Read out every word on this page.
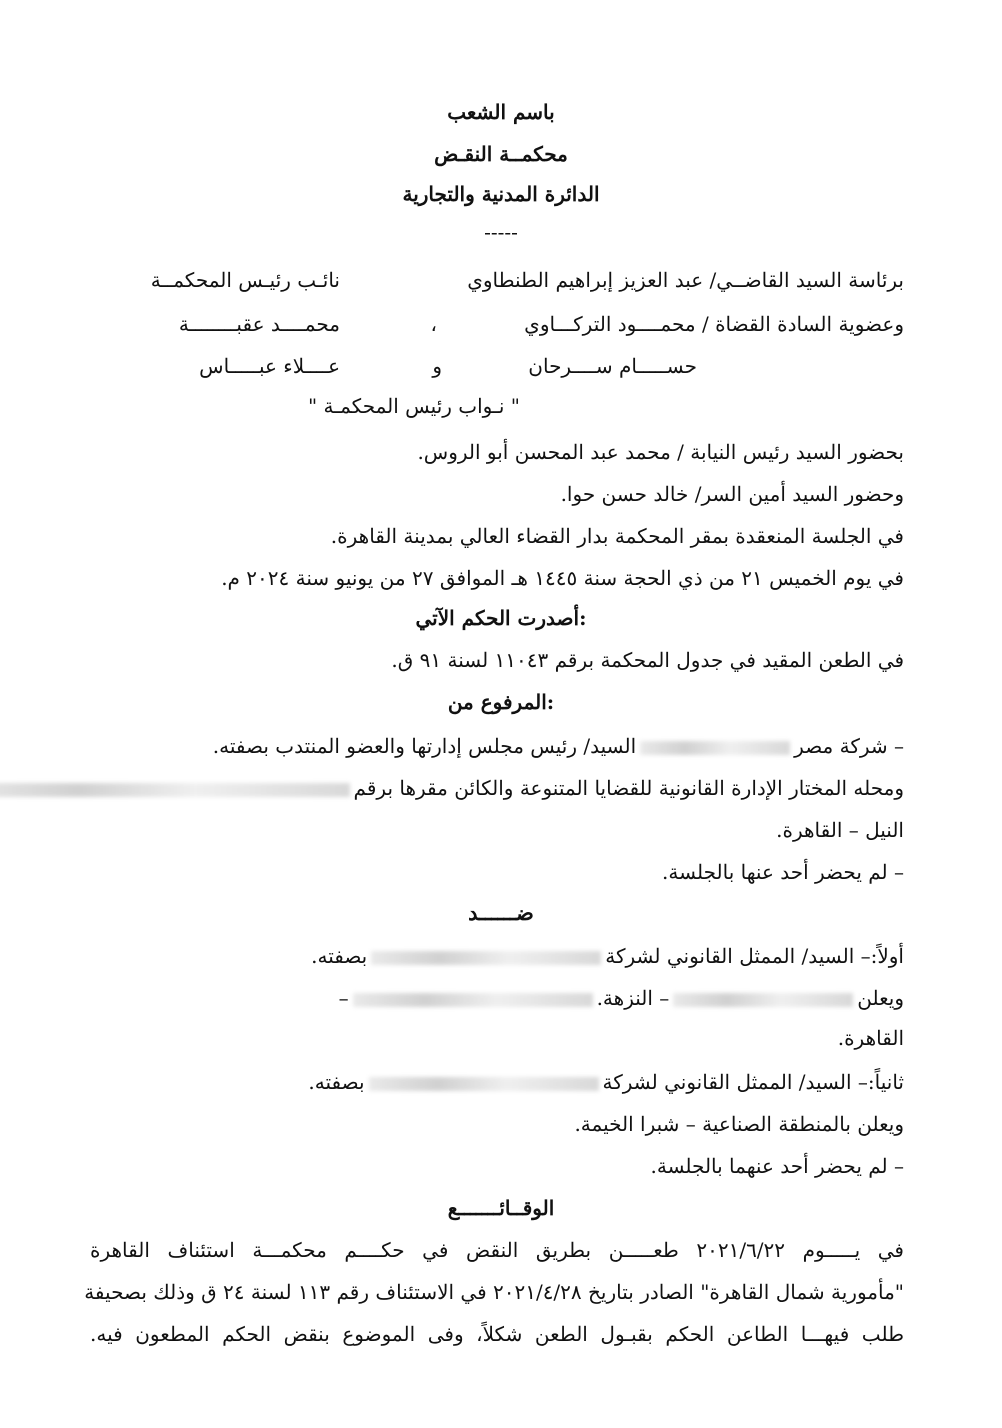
باسم الشعب
محكمــة النقـض
الدائرة المدنية والتجارية
-----
برئاسة السيد القاضــي/ عبد العزيز إبراهيم الطنطاوي
نائـب رئيـس المحكمــة
وعضوية السادة القضاة / محمــــود التركـــاوي
،
محمــــد عقبــــــــة
حســـــام ســــرحان
و
عــــلاء عبـــــاس
" نـواب رئيس المحكمـة "
بحضور السيد رئيس النيابة / محمد عبد المحسن أبو الروس.
وحضور السيد أمين السر/ خالد حسن حوا.
في الجلسة المنعقدة بمقر المحكمة بدار القضاء العالي بمدينة القاهرة.
في يوم الخميس ٢١ من ذي الحجة سنة ١٤٤٥ هـ الموافق ٢٧ من يونيو سنة ٢٠٢٤ م.
أصدرت الحكم الآتي:
في الطعن المقيد في جدول المحكمة برقم ١١٠٤٣ لسنة ٩١ ق.
المرفوع من:
– شركة مصرالسيد/ رئيس مجلس إدارتها والعضو المنتدب بصفته.
ومحله المختار الإدارة القانونية للقضايا المتنوعة والكائن مقرها برقم
النيل – القاهرة.
– لم يحضر أحد عنها بالجلسة.
ضــــــد
أولاً:– السيد/ الممثل القانوني لشركةبصفته.
ويعلن– النزهة.–
القاهرة.
ثانياً:– السيد/ الممثل القانوني لشركةبصفته.
ويعلن بالمنطقة الصناعية – شبرا الخيمة.
– لم يحضر أحد عنهما بالجلسة.
الوقــائـــــــع
في يـــــوم ٢٠٢١/٦/٢٢ طعـــــن بطريق النقض في حكــــم محكمـــة استئناف القاهرة
"مأمورية شمال القاهرة" الصادر بتاريخ ٢٠٢١/٤/٢٨ في الاستئناف رقم ١١٣ لسنة ٢٤ ق وذلك بصحيفة
طلب فيهـــا الطاعن الحكم بقبـول الطعن شكلاً، وفى الموضوع بنقض الحكم المطعون فيه.
